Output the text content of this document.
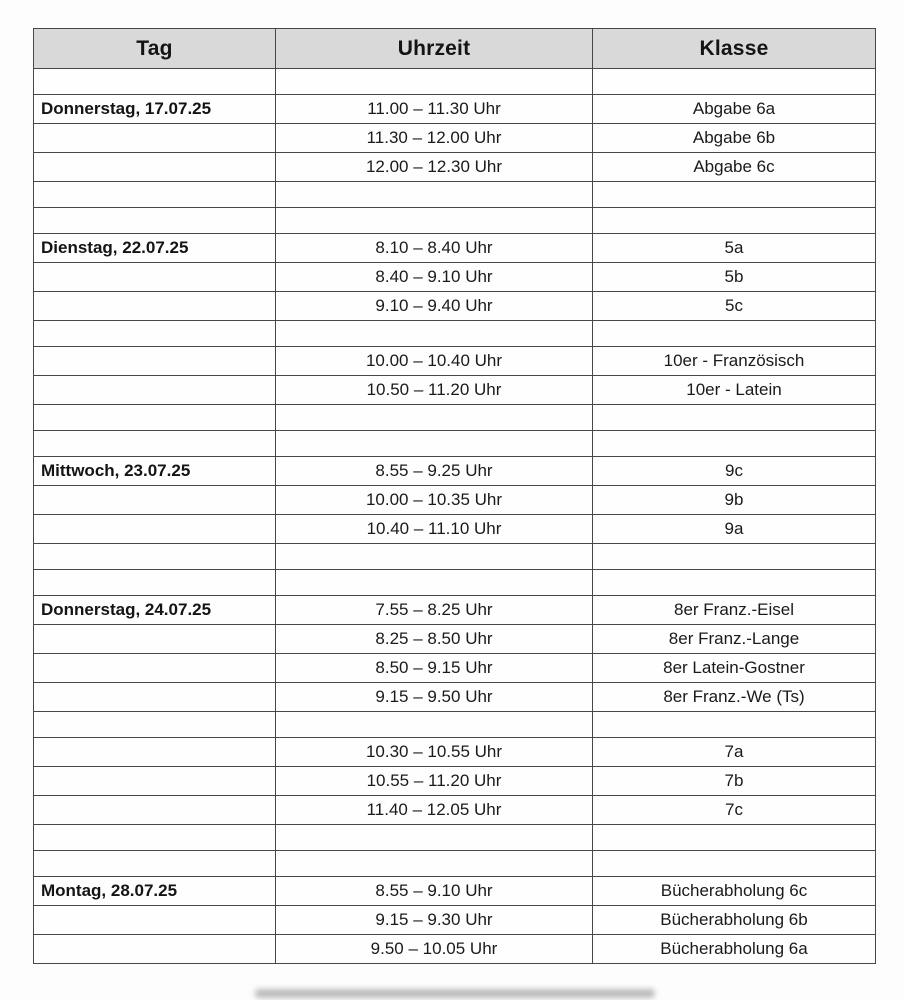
Tag	Uhrzeit	Klasse

Donnerstag, 17.07.25	11.00 – 11.30 Uhr	Abgabe 6a
	11.30 – 12.00 Uhr	Abgabe 6b
	12.00 – 12.30 Uhr	Abgabe 6c

Dienstag, 22.07.25	8.10 – 8.40 Uhr	5a
	8.40 – 9.10 Uhr	5b
	9.10 – 9.40 Uhr	5c

	10.00 – 10.40 Uhr	10er - Französisch
	10.50 – 11.20 Uhr	10er - Latein

Mittwoch, 23.07.25	8.55 – 9.25 Uhr	9c
	10.00 – 10.35 Uhr	9b
	10.40 – 11.10 Uhr	9a

Donnerstag, 24.07.25	7.55 – 8.25 Uhr	8er Franz.-Eisel
	8.25 – 8.50 Uhr	8er Franz.-Lange
	8.50 – 9.15 Uhr	8er Latein-Gostner
	9.15 – 9.50 Uhr	8er Franz.-We (Ts)

	10.30 – 10.55 Uhr	7a
	10.55 – 11.20 Uhr	7b
	11.40 – 12.05 Uhr	7c

Montag, 28.07.25	8.55 – 9.10 Uhr	Bücherabholung 6c
	9.15 – 9.30 Uhr	Bücherabholung 6b
	9.50 – 10.05 Uhr	Bücherabholung 6a
